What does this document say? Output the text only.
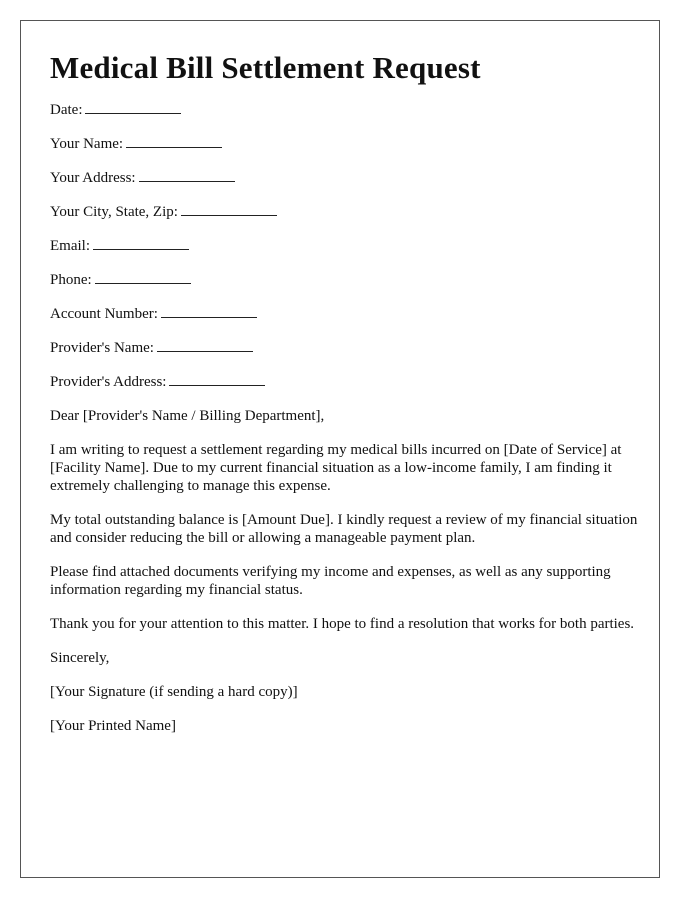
Medical Bill Settlement Request
Date:
Your Name:
Your Address:
Your City, State, Zip:
Email:
Phone:
Account Number:
Provider's Name:
Provider's Address:

Dear [Provider's Name / Billing Department],

I am writing to request a settlement regarding my medical bills incurred on [Date of Service] at [Facility Name]. Due to my current financial situation as a low-income family, I am finding it extremely challenging to manage this expense.

My total outstanding balance is [Amount Due]. I kindly request a review of my financial situation and consider reducing the bill or allowing a manageable payment plan.

Please find attached documents verifying my income and expenses, as well as any supporting information regarding my financial status.

Thank you for your attention to this matter. I hope to find a resolution that works for both parties.

Sincerely,

[Your Signature (if sending a hard copy)]

[Your Printed Name]
